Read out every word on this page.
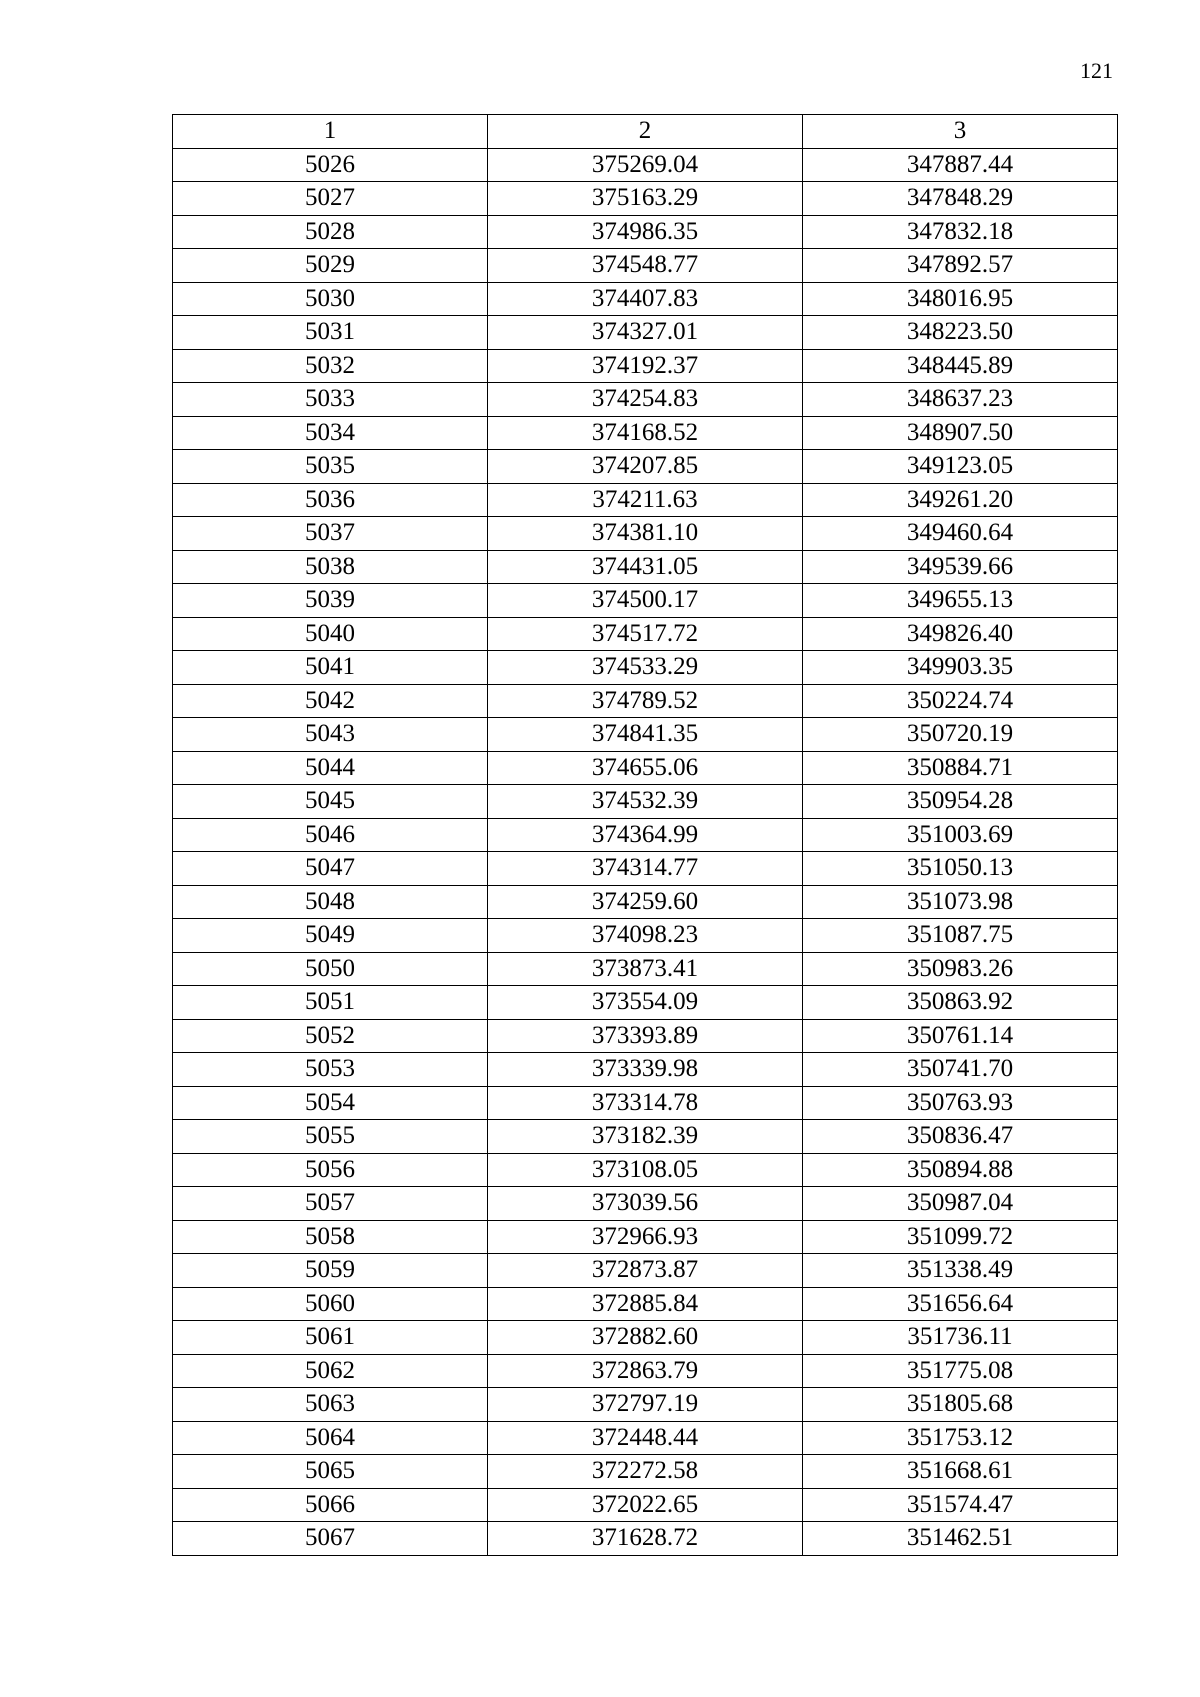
121
1	2	3
5026	375269.04	347887.44
5027	375163.29	347848.29
5028	374986.35	347832.18
5029	374548.77	347892.57
5030	374407.83	348016.95
5031	374327.01	348223.50
5032	374192.37	348445.89
5033	374254.83	348637.23
5034	374168.52	348907.50
5035	374207.85	349123.05
5036	374211.63	349261.20
5037	374381.10	349460.64
5038	374431.05	349539.66
5039	374500.17	349655.13
5040	374517.72	349826.40
5041	374533.29	349903.35
5042	374789.52	350224.74
5043	374841.35	350720.19
5044	374655.06	350884.71
5045	374532.39	350954.28
5046	374364.99	351003.69
5047	374314.77	351050.13
5048	374259.60	351073.98
5049	374098.23	351087.75
5050	373873.41	350983.26
5051	373554.09	350863.92
5052	373393.89	350761.14
5053	373339.98	350741.70
5054	373314.78	350763.93
5055	373182.39	350836.47
5056	373108.05	350894.88
5057	373039.56	350987.04
5058	372966.93	351099.72
5059	372873.87	351338.49
5060	372885.84	351656.64
5061	372882.60	351736.11
5062	372863.79	351775.08
5063	372797.19	351805.68
5064	372448.44	351753.12
5065	372272.58	351668.61
5066	372022.65	351574.47
5067	371628.72	351462.51
